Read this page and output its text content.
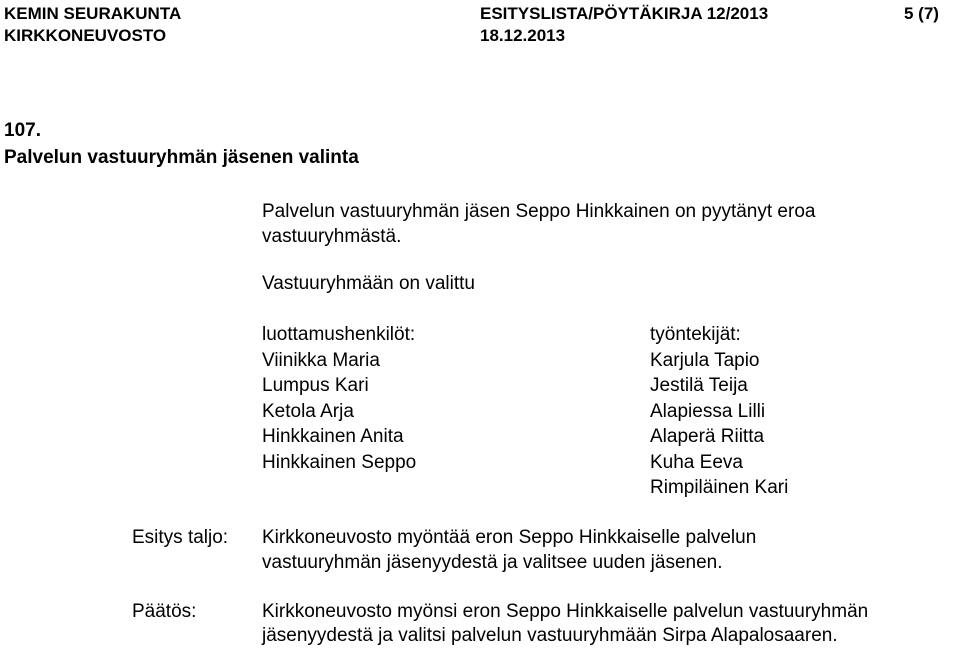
KEMIN SEURAKUNTA
KIRKKONEUVOSTO
ESITYSLISTA/PÖYTÄKIRJA 12/2013
18.12.2013
5 (7)
107.
Palvelun vastuuryhmän jäsenen valinta
Palvelun vastuuryhmän jäsen Seppo Hinkkainen on pyytänyt eroa
vastuuryhmästä.
Vastuuryhmään on valittu
luottamushenkilöt:
Viinikka Maria
Lumpus Kari
Ketola Arja
Hinkkainen Anita
Hinkkainen Seppo
työntekijät:
Karjula Tapio
Jestilä Teija
Alapiessa Lilli
Alaperä Riitta
Kuha Eeva
Rimpiläinen Kari
Esitys taljo: Kirkkoneuvosto myöntää eron Seppo Hinkkaiselle palvelun
vastuuryhmän jäsenyydestä ja valitsee uuden jäsenen.
Päätös:	Kirkkoneuvosto myönsi eron Seppo Hinkkaiselle palvelun vastuuryhmän
jäsenyydestä ja valitsi palvelun vastuuryhmään Sirpa Alapalosaaren.
